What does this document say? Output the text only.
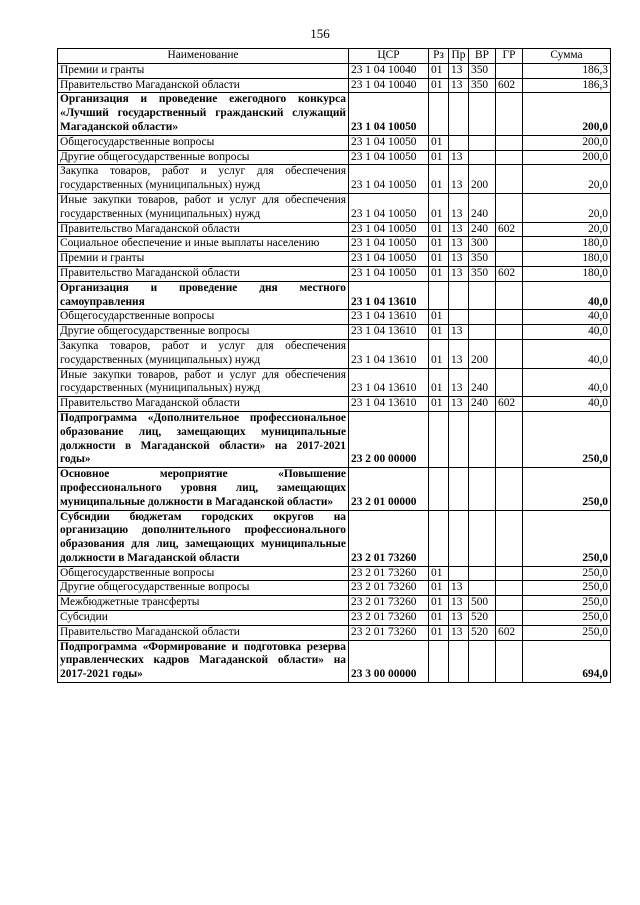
156
Наименование	ЦСР	Рз	Пр	ВР	ГР	Сумма
Премии и гранты	23 1 04 10040	01	13	350		186,3
Правительство Магаданской области	23 1 04 10040	01	13	350	602	186,3
Организация и проведение ежегодного конкурса «Лучший государственный гражданский служащий Магаданской области»	23 1 04 10050					200,0
Общегосударственные вопросы	23 1 04 10050	01				200,0
Другие общегосударственные вопросы	23 1 04 10050	01	13			200,0
Закупка товаров, работ и услуг для обеспечения государственных (муниципальных) нужд	23 1 04 10050	01	13	200		20,0
Иные закупки товаров, работ и услуг для обеспечения государственных (муниципальных) нужд	23 1 04 10050	01	13	240		20,0
Правительство Магаданской области	23 1 04 10050	01	13	240	602	20,0
Социальное обеспечение и иные выплаты населению	23 1 04 10050	01	13	300		180,0
Премии и гранты	23 1 04 10050	01	13	350		180,0
Правительство Магаданской области	23 1 04 10050	01	13	350	602	180,0
Организация и проведение дня местного самоуправления	23 1 04 13610					40,0
Общегосударственные вопросы	23 1 04 13610	01				40,0
Другие общегосударственные вопросы	23 1 04 13610	01	13			40,0
Закупка товаров, работ и услуг для обеспечения государственных (муниципальных) нужд	23 1 04 13610	01	13	200		40,0
Иные закупки товаров, работ и услуг для обеспечения государственных (муниципальных) нужд	23 1 04 13610	01	13	240		40,0
Правительство Магаданской области	23 1 04 13610	01	13	240	602	40,0
Подпрограмма «Дополнительное профессиональное образование лиц, замещающих муниципальные должности в Магаданской области» на 2017-2021 годы»	23 2 00 00000					250,0
Основное мероприятие «Повышение профессионального уровня лиц, замещающих муниципальные должности в Магаданской области»	23 2 01 00000					250,0
Субсидии бюджетам городских округов на организацию дополнительного профессионального образования для лиц, замещающих муниципальные должности в Магаданской области	23 2 01 73260					250,0
Общегосударственные вопросы	23 2 01 73260	01				250,0
Другие общегосударственные вопросы	23 2 01 73260	01	13			250,0
Межбюджетные трансферты	23 2 01 73260	01	13	500		250,0
Субсидии	23 2 01 73260	01	13	520		250,0
Правительство Магаданской области	23 2 01 73260	01	13	520	602	250,0
Подпрограмма «Формирование и подготовка резерва управленческих кадров Магаданской области» на 2017-2021 годы»	23 3 00 00000					694,0
